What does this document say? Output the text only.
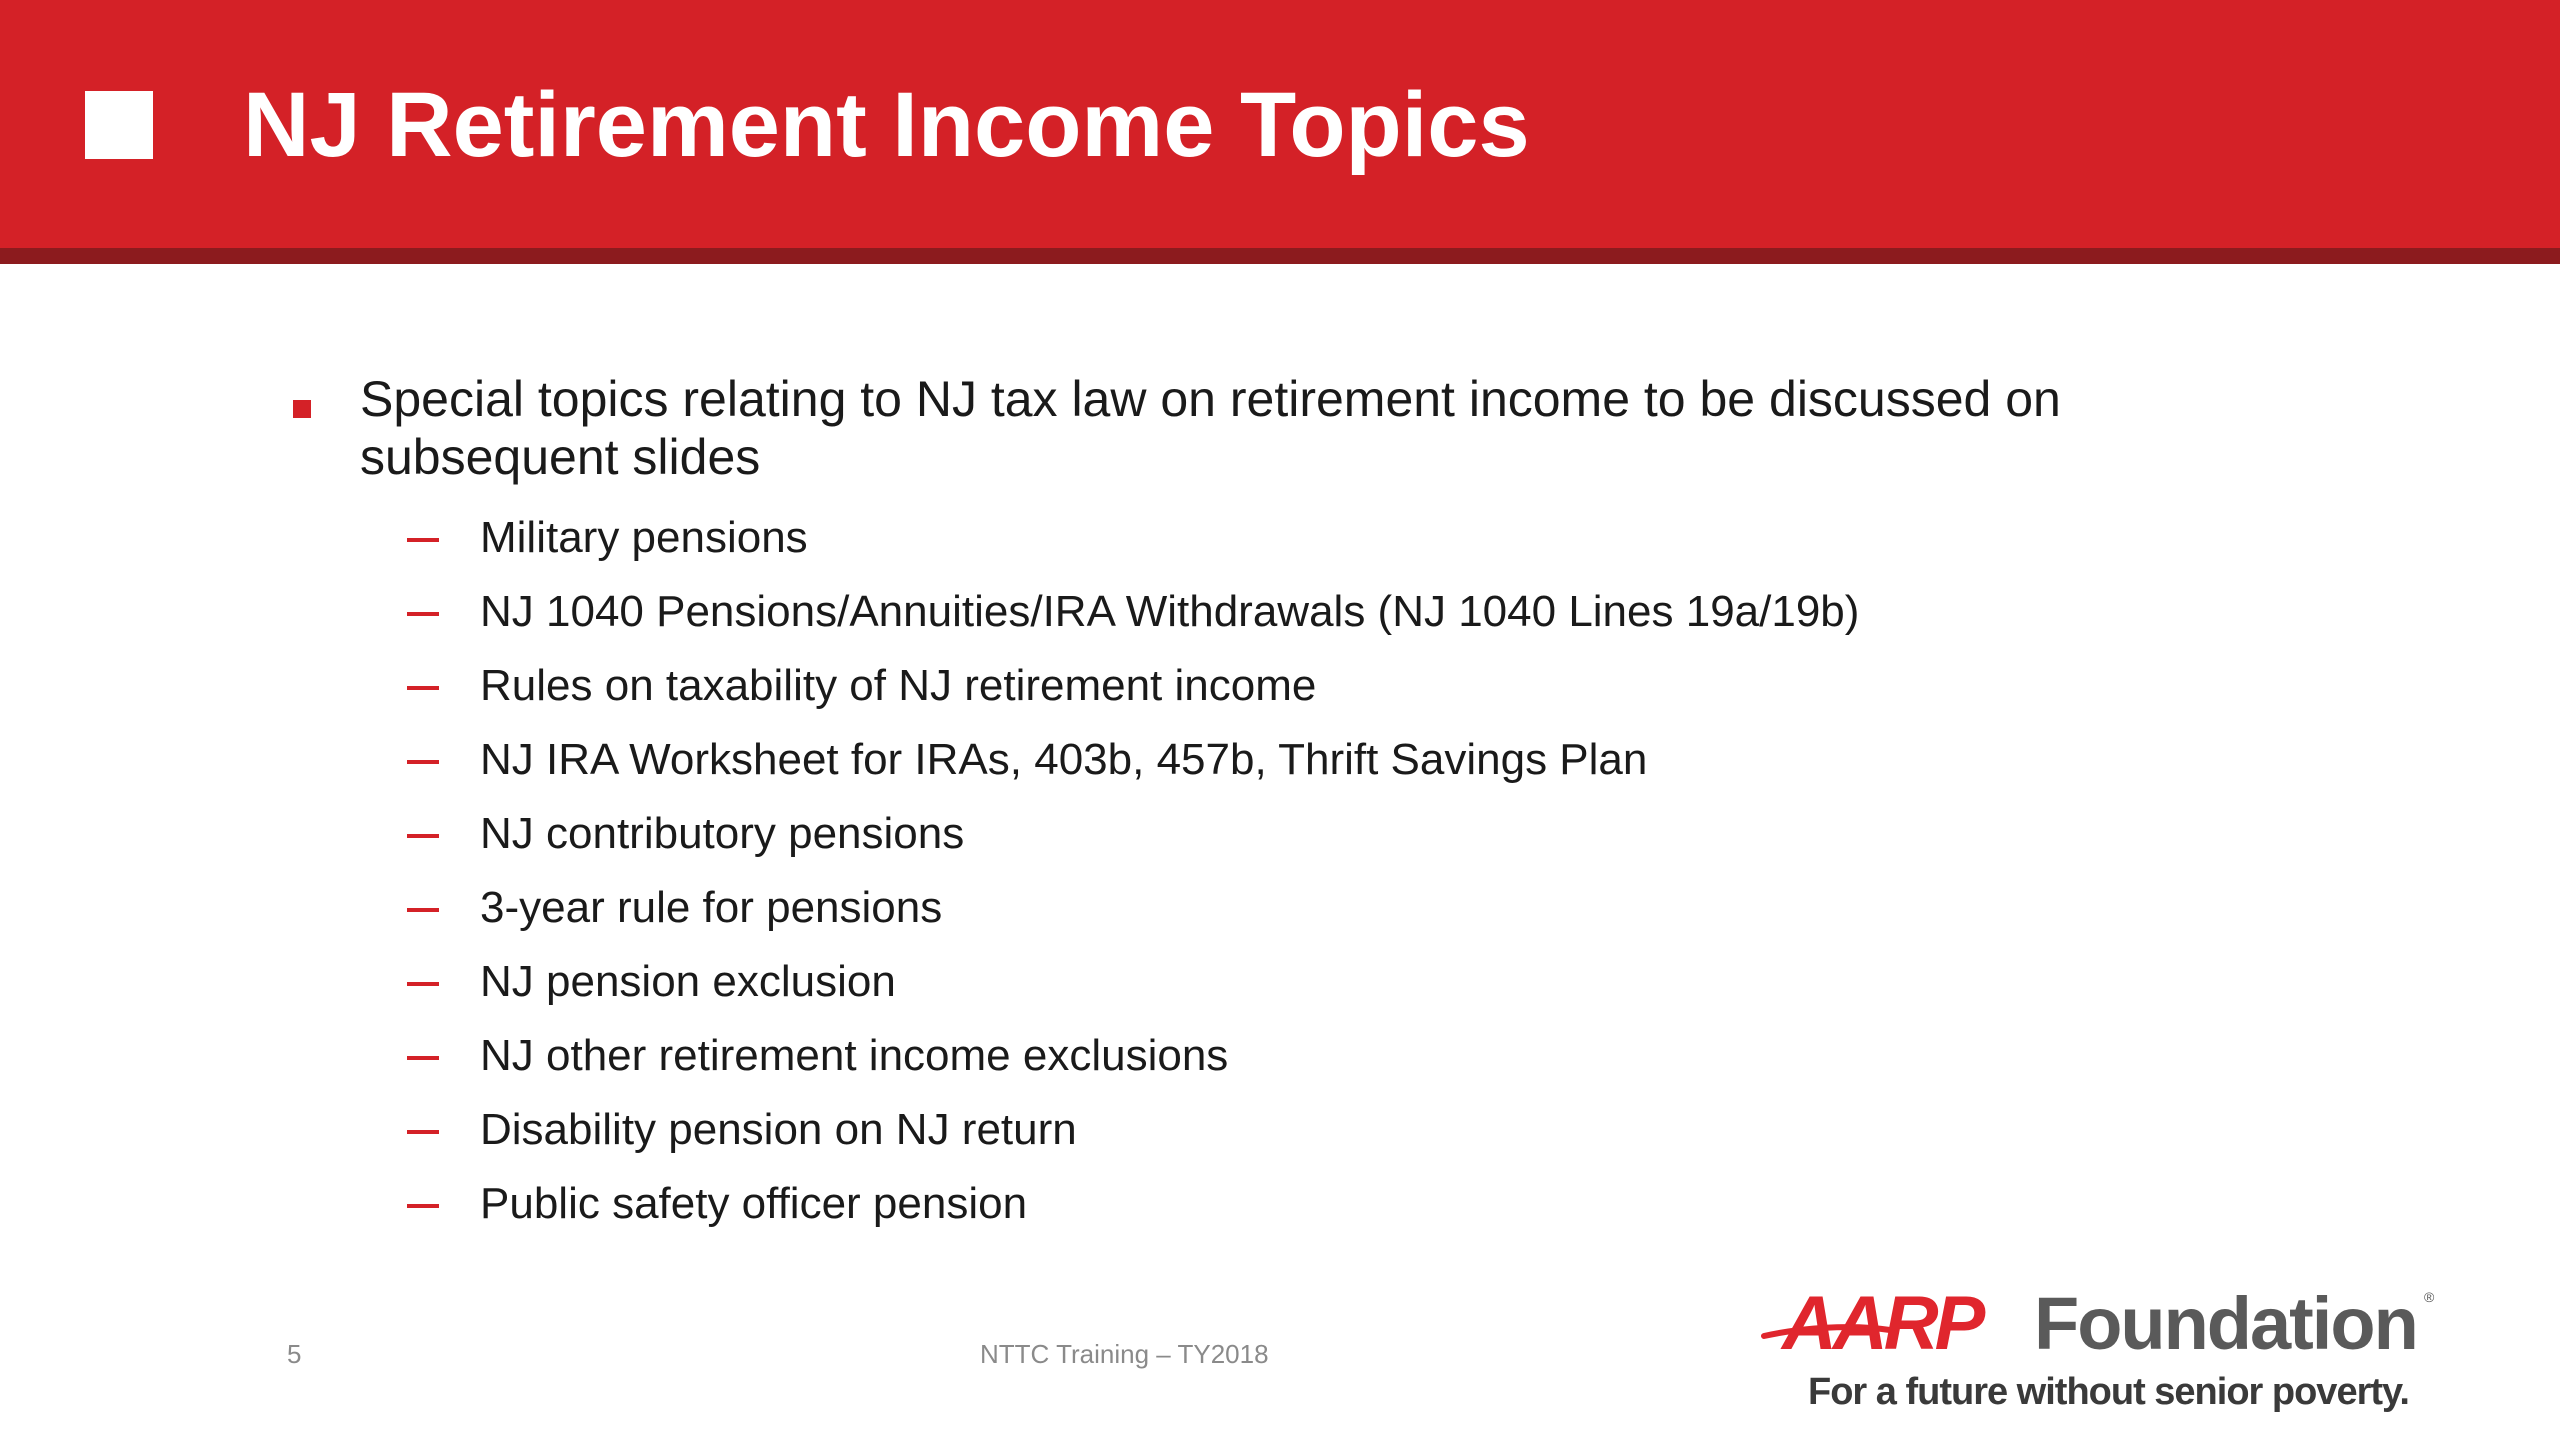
NJ Retirement Income Topics

Special topics relating to NJ tax law on retirement income to be discussed on subsequent slides

Military pensions
NJ 1040 Pensions/Annuities/IRA Withdrawals (NJ 1040 Lines 19a/19b)
Rules on taxability of NJ retirement income
NJ IRA Worksheet for IRAs, 403b, 457b, Thrift Savings Plan
NJ contributory pensions
3-year rule for pensions
NJ pension exclusion
NJ other retirement income exclusions
Disability pension on NJ return
Public safety officer pension
5	NTTC Training – TY2018	AARP Foundation ®
For a future without senior poverty.
